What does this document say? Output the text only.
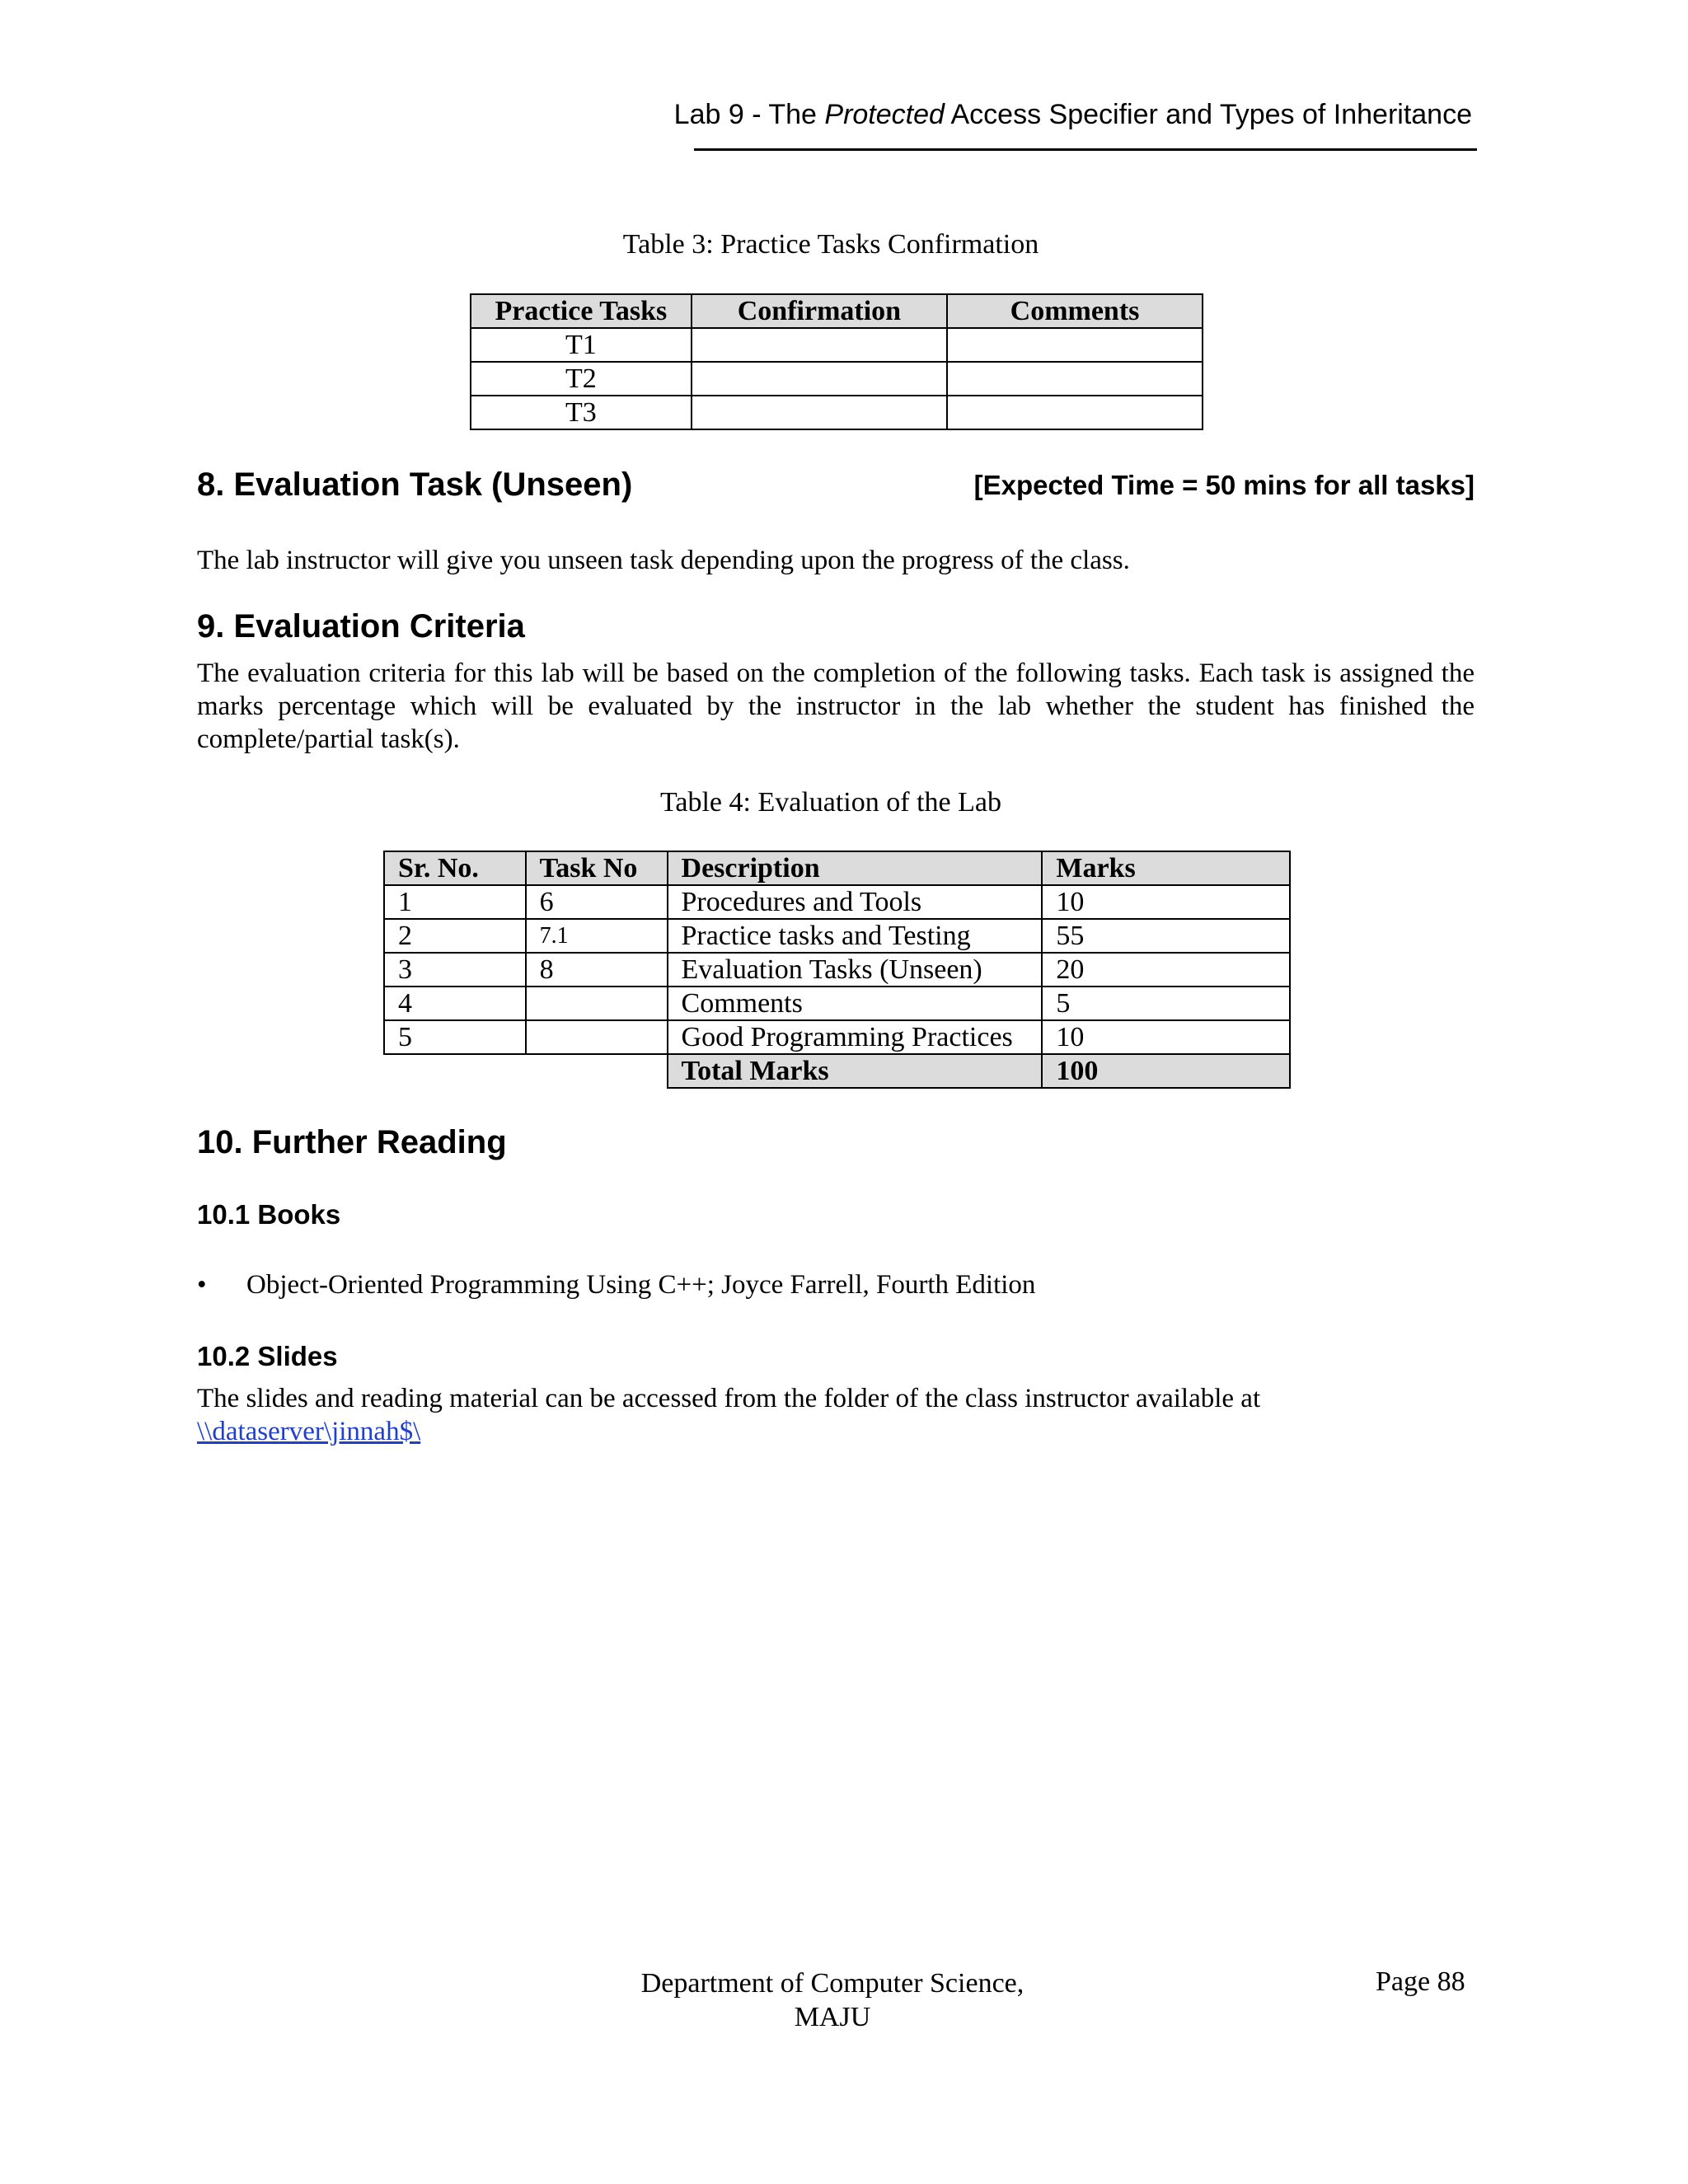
Lab 9 - The Protected Access Specifier and Types of Inheritance
Table 3: Practice Tasks Confirmation
Practice Tasks	Confirmation	Comments
T1		
T2		
T3		
8. Evaluation Task (Unseen)	[Expected Time = 50 mins for all tasks]
The lab instructor will give you unseen task depending upon the progress of the class.
9. Evaluation Criteria
The evaluation criteria for this lab will be based on the completion of the following tasks. Each task is assigned the marks percentage which will be evaluated by the instructor in the lab whether the student has finished the complete/partial task(s).
Table 4: Evaluation of the Lab
Sr. No.	Task No	Description	Marks
1	6	Procedures and Tools	10
2	7.1	Practice tasks and Testing	55
3	8	Evaluation Tasks (Unseen)	20
4		Comments	5
5		Good Programming Practices	10
		Total Marks	100
10. Further Reading
10.1 Books
• Object-Oriented Programming Using C++; Joyce Farrell, Fourth Edition
10.2 Slides
The slides and reading material can be accessed from the folder of the class instructor available at
\\dataserver\jinnah$\
Department of Computer Science,
MAJU
Page 88
